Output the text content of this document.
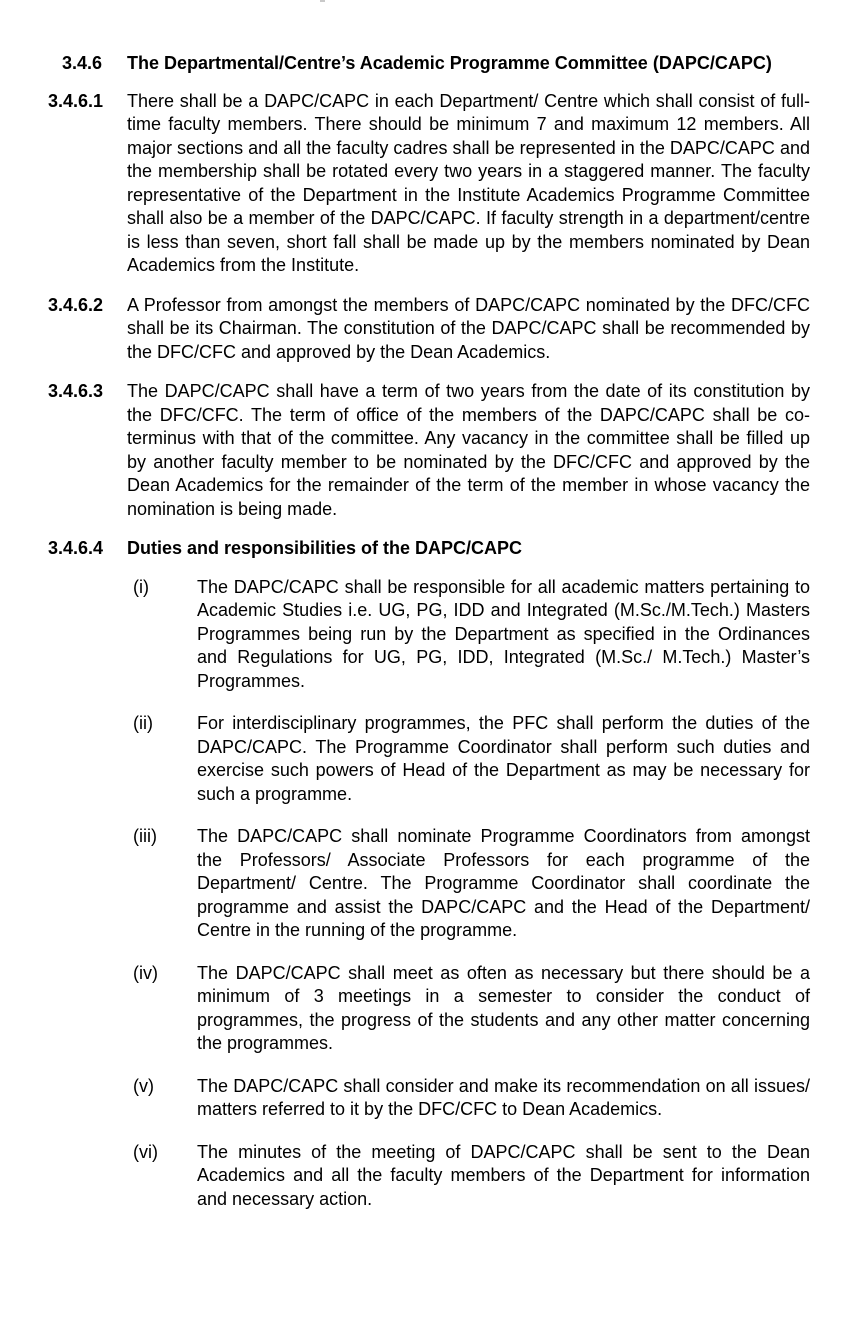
3.4.6	The Departmental/Centre’s Academic Programme Committee (DAPC/CAPC)
3.4.6.1	There shall be a DAPC/CAPC in each Department/ Centre which shall consist of full-time faculty members. There should be minimum 7 and maximum 12 members. All major sections and all the faculty cadres shall be represented in the DAPC/CAPC and the membership shall be rotated every two years in a staggered manner. The faculty representative of the Department in the Institute Academics Programme Committee shall also be a member of the DAPC/CAPC. If faculty strength in a department/centre is less than seven, short fall shall be made up by the members nominated by Dean Academics from the Institute.

3.4.6.2	A Professor from amongst the members of DAPC/CAPC nominated by the DFC/CFC shall be its Chairman. The constitution of the DAPC/CAPC shall be recommended by the DFC/CFC and approved by the Dean Academics.

3.4.6.3	The DAPC/CAPC shall have a term of two years from the date of its constitution by the DFC/CFC. The term of office of the members of the DAPC/CAPC shall be co-terminus with that of the committee. Any vacancy in the committee shall be filled up by another faculty member to be nominated by the DFC/CFC and approved by the Dean Academics for the remainder of the term of the member in whose vacancy the nomination is being made.

3.4.6.4	Duties and responsibilities of the DAPC/CAPC
(i)	The DAPC/CAPC shall be responsible for all academic matters pertaining to Academic Studies i.e. UG, PG, IDD and Integrated (M.Sc./M.Tech.) Masters Programmes being run by the Department as specified in the Ordinances and Regulations for UG, PG, IDD, Integrated (M.Sc./ M.Tech.) Master’s Programmes.

(ii)	For interdisciplinary programmes, the PFC shall perform the duties of the DAPC/CAPC. The Programme Coordinator shall perform such duties and exercise such powers of Head of the Department as may be necessary for such a programme.

(iii)	The DAPC/CAPC shall nominate Programme Coordinators from amongst the Professors/ Associate Professors for each programme of the Department/ Centre. The Programme Coordinator shall coordinate the programme and assist the DAPC/CAPC and the Head of the Department/ Centre in the running of the programme.

(iv)	The DAPC/CAPC shall meet as often as necessary but there should be a minimum of 3 meetings in a semester to consider the conduct of programmes, the progress of the students and any other matter concerning the programmes.

(v)	The DAPC/CAPC shall consider and make its recommendation on all issues/ matters referred to it by the DFC/CFC to Dean Academics.

(vi)	The minutes of the meeting of DAPC/CAPC shall be sent to the Dean Academics and all the faculty members of the Department for information and necessary action.
